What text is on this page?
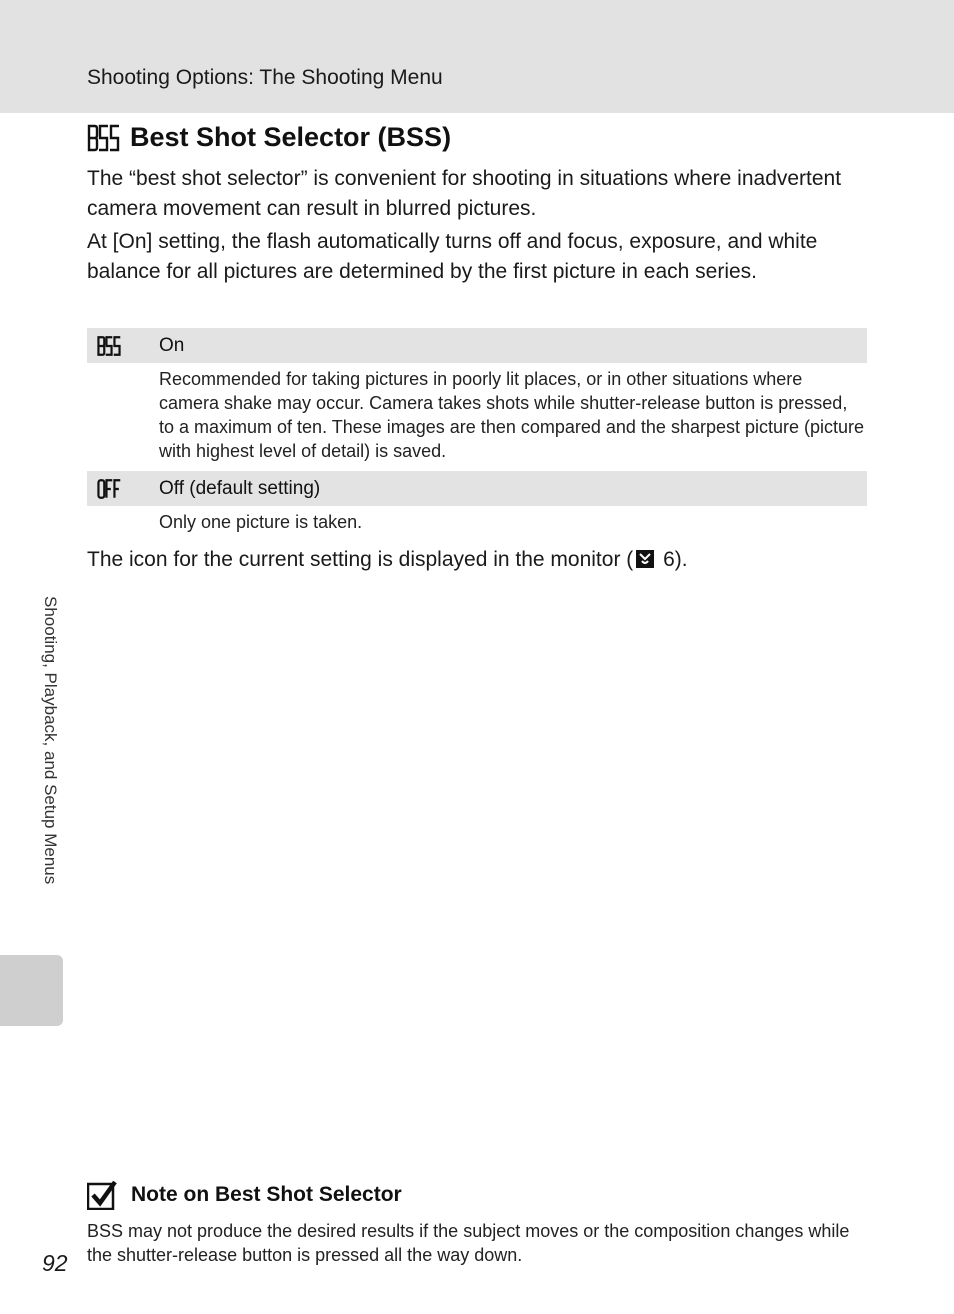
Shooting Options: The Shooting Menu
Best Shot Selector (BSS)
The “best shot selector” is convenient for shooting in situations where inadvertent camera movement can result in blurred pictures.
At [On] setting, the flash automatically turns off and focus, exposure, and white balance for all pictures are determined by the first picture in each series.
On
Recommended for taking pictures in poorly lit places, or in other situations where camera shake may occur. Camera takes shots while shutter-release button is pressed, to a maximum of ten. These images are then compared and the sharpest picture (picture with highest level of detail) is saved.
Off (default setting)
Only one picture is taken.
The icon for the current setting is displayed in the monitor ( 6).
Shooting, Playback, and Setup Menus
Note on Best Shot Selector
BSS may not produce the desired results if the subject moves or the composition changes while the shutter-release button is pressed all the way down.
92
